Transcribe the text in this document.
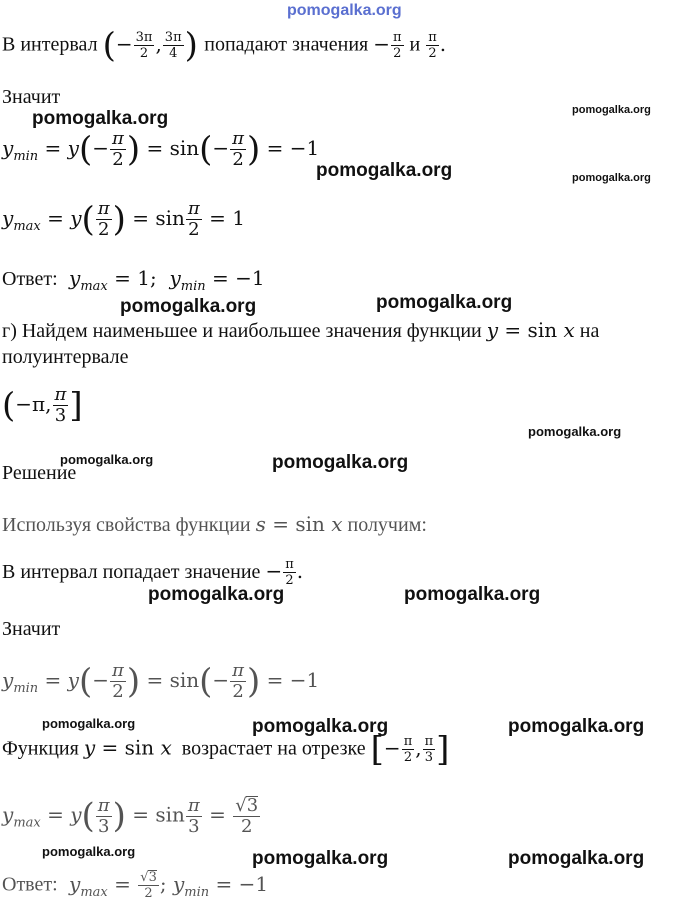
pomogalka.org
В интервал (− $\frac{3\pi}{2}$ , $\frac{3\pi}{4}$ ) попадают значения − $\frac{\pi}{2}$ и $\frac{\pi}{2}$ .
Значит
$y_{min} = y(- \frac{\pi}{2}$ ) = $\sin(- \frac{\pi}{2}$ ) = −1
$y_{max} = y( \frac{\pi}{2}$ ) = $\sin \frac{\pi}{2} = 1$
Ответ: $y_{max} = 1$;  $y_{min} = -1$
г) Найдем наименьшее и наибольшее значения функции y = sin x на
полуинтервале
(−π, $\frac{\pi}{3}$ ]
Решение
Используя свойства функции s = sin x получим:
В интервал попадает значение − $\frac{\pi}{2}$ .
Значит
$y_{min} = y(- \frac{\pi}{2}$ ) = $\sin(- \frac{\pi}{2}$ ) = −1
Функция y = sin x возрастает на отрезке [− $\frac{\pi}{2}$ , $\frac{\pi}{3}$ ]
$y_{max} = y( \frac{\pi}{3}$ ) = $\sin \frac{\pi}{3} = \frac{√3}{2}$
Ответ: $y_{max} = \frac{√3}{2}$ ; $y_{min} = -1$
pomogalka.org	pomogalka.org
pomogalka.org	pomogalka.org
pomogalka.org	pomogalka.org
pomogalka.org
pomogalka.org	pomogalka.org
pomogalka.org	pomogalka.org
pomogalka.org	pomogalka.org	pomogalka.org
pomogalka.org	pomogalka.org	pomogalka.org
